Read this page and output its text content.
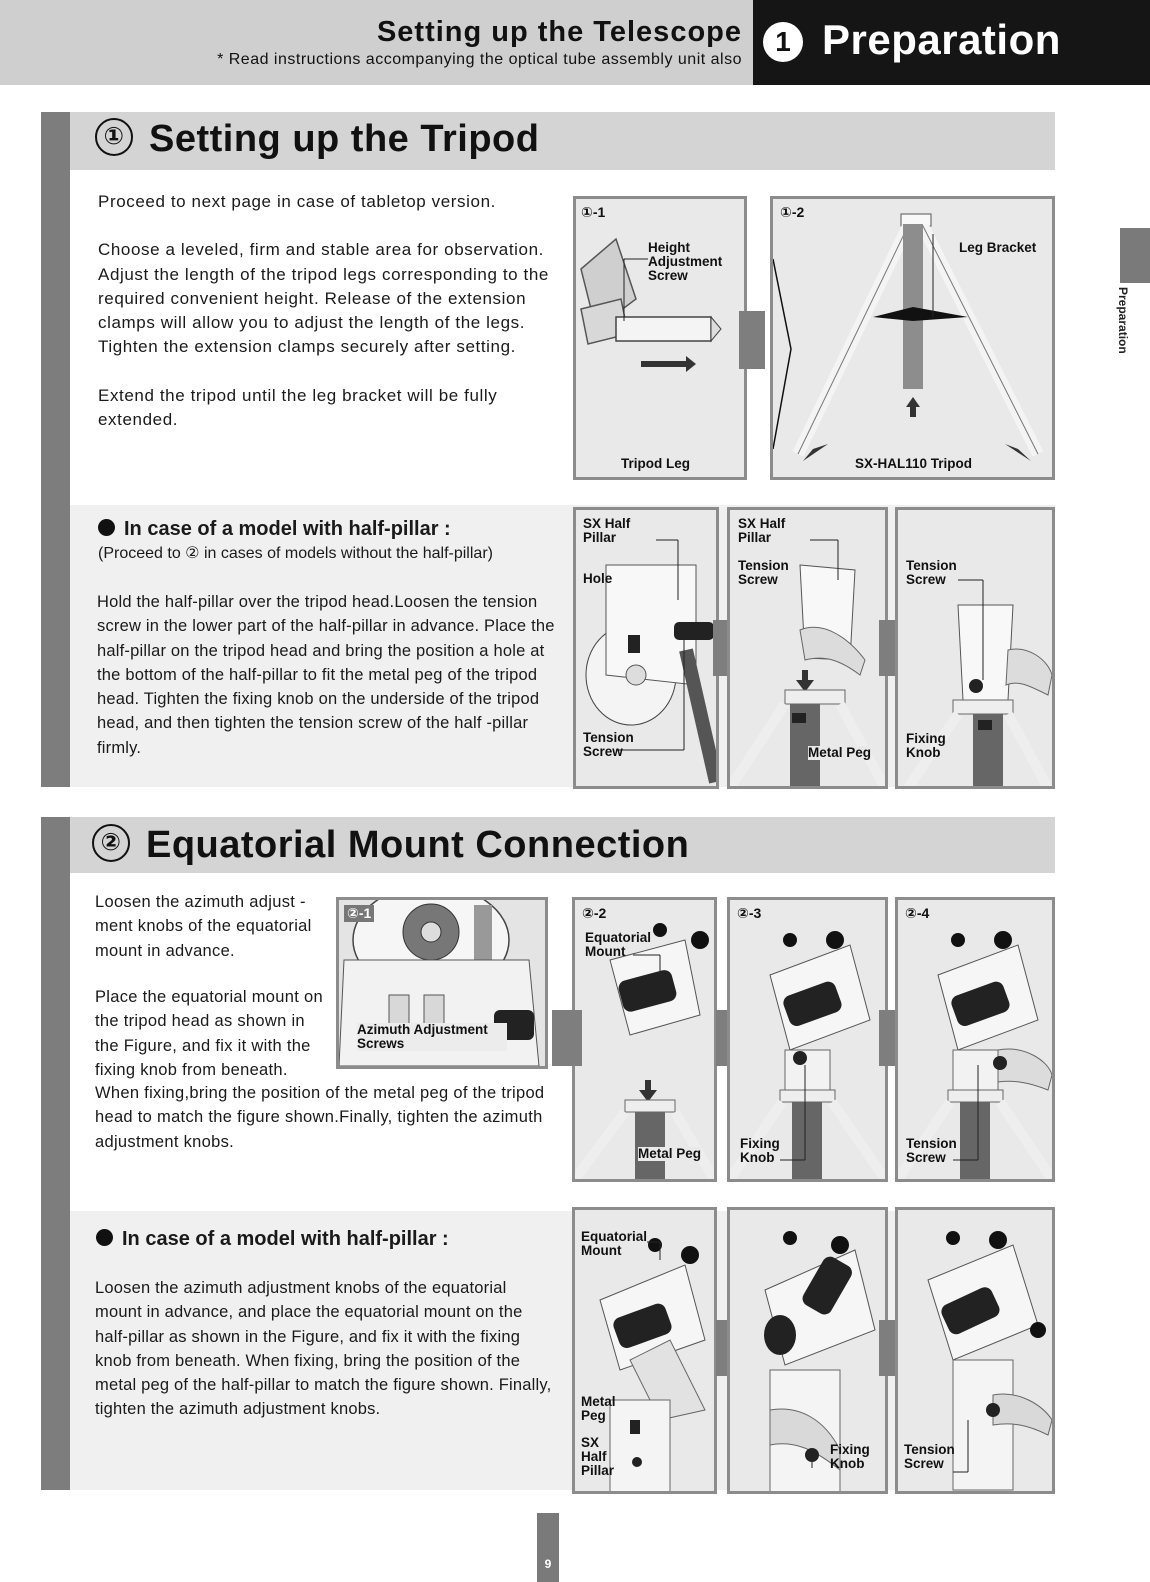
Setting up the Telescope
* Read instructions accompanying the optical tube assembly unit also
1 Preparation
Preparation
① Setting up the Tripod

Proceed to next page in case of tabletop version.

Choose a leveled, firm and stable area for observation. Adjust the length of the tripod legs corresponding to the required convenient height. Release of the extension clamps will allow you to adjust the length of the legs. Tighten the extension clamps securely after setting.

Extend the tripod until the leg bracket will be fully extended.

①-1
Height Adjustment Screw
Tripod Leg
①-2
Leg Bracket
SX-HAL110 Tripod
In case of a model with half-pillar :
(Proceed to ② in cases of models without the half-pillar)
Hold the half-pillar over the tripod head.Loosen the tension screw in the lower part of the half-pillar in advance. Place the half-pillar on the tripod head and bring the position a hole at the bottom of the half-pillar to fit the metal peg of the tripod head. Tighten the fixing knob on the underside of the tripod head, and then tighten the tension screw of the half -pillar firmly.
SX Half Pillar
Hole
Tension Screw
SX Half Pillar
Tension Screw
Metal Peg
Tension Screw
Fixing Knob
② Equatorial Mount Connection
Loosen the azimuth adjust -ment knobs of the equatorial mount in advance.
Place the equatorial mount on the tripod head as shown in the Figure, and fix it with the fixing knob from beneath.
When fixing,bring the position of the metal peg of the tripod head to match the figure shown.Finally, tighten the azimuth adjustment knobs.
②-1
Azimuth Adjustment Screws
②-2
Equatorial Mount
Metal Peg
②-3
Fixing Knob
②-4
Tension Screw
In case of a model with half-pillar :
Loosen the azimuth adjustment knobs of the equatorial mount in advance, and place the equatorial mount on the half-pillar as shown in the Figure, and fix it with the fixing knob from beneath. When fixing, bring the position of the metal peg of the half-pillar to match the figure shown. Finally, tighten the azimuth adjustment knobs.
Equatorial Mount
Metal Peg
SX Half Pillar
Fixing Knob
Tension Screw
9
